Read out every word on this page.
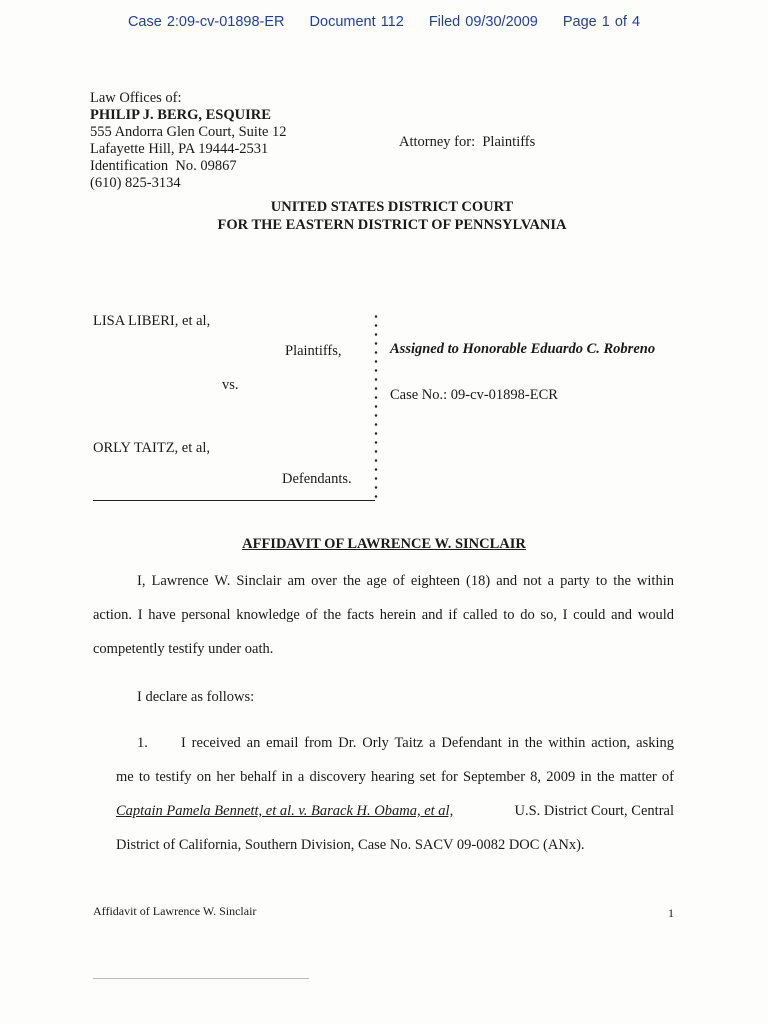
Case 2:09-cv-01898-ER Document 112 Filed 09/30/2009 Page 1 of 4
Law Offices of:
PHILIP J. BERG, ESQUIRE
555 Andorra Glen Court, Suite 12
Lafayette Hill, PA 19444-2531
Identification  No. 09867
(610) 825-3134
Attorney for:  Plaintiffs
UNITED STATES DISTRICT COURT
FOR THE EASTERN DISTRICT OF PENNSYLVANIA
LISA LIBERI, et al,
Plaintiffs,
vs.
ORLY TAITZ, et al,
Defendants.
Assigned to Honorable Eduardo C. Robreno
Case No.: 09-cv-01898-ECR
AFFIDAVIT OF LAWRENCE W. SINCLAIR
I, Lawrence W. Sinclair am over the age of eighteen (18) and not a party to the within
action. I have personal knowledge of the facts herein and if called to do so, I could and would
competently testify under oath.
I declare as follows:
1. I received an email from Dr. Orly Taitz a Defendant in the within action, asking
me to testify on her behalf in a discovery hearing set for September 8, 2009 in the matter of
Captain Pamela Bennett, et al. v. Barack H. Obama, et al,	U.S. District Court, Central
District of California, Southern Division, Case No. SACV 09-0082 DOC (ANx).
Affidavit of Lawrence W. Sinclair	1
